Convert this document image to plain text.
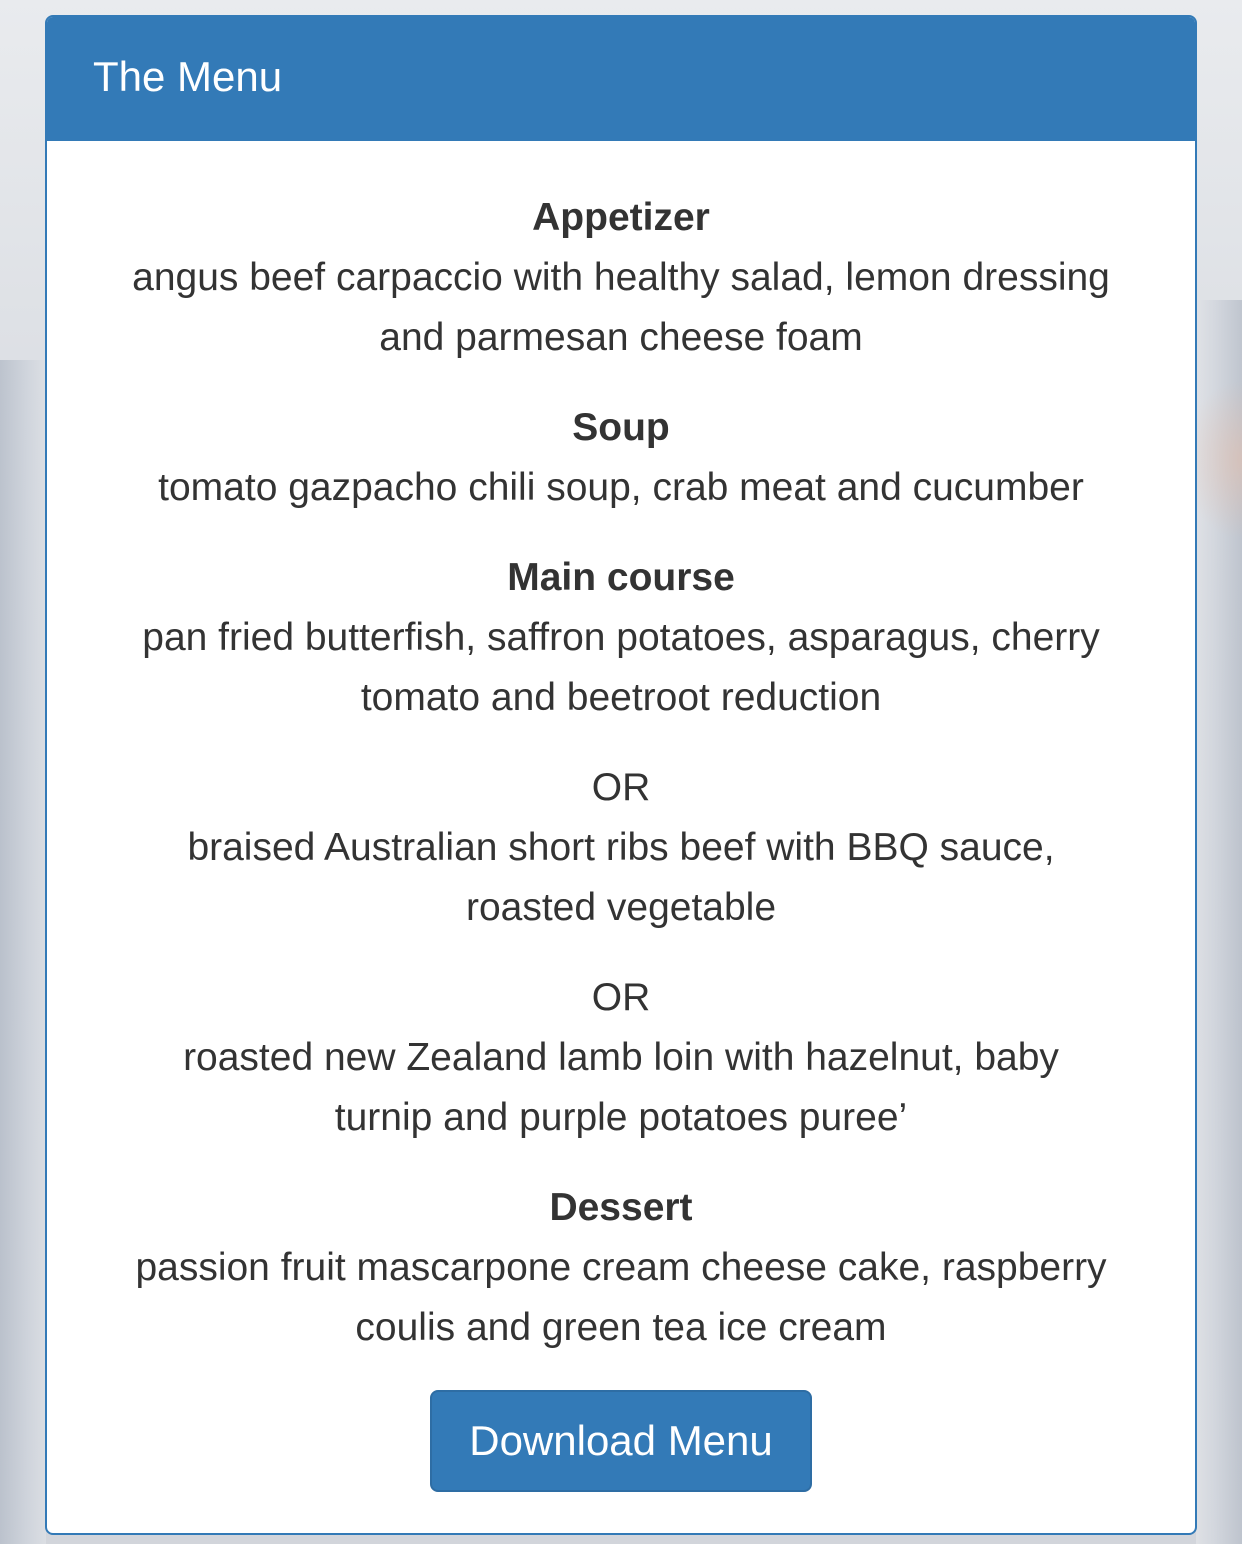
The Menu
Appetizer
angus beef carpaccio with healthy salad, lemon dressing
and parmesan cheese foam
Soup
tomato gazpacho chili soup, crab meat and cucumber
Main course
pan fried butterfish, saffron potatoes, asparagus, cherry
tomato and beetroot reduction
OR
braised Australian short ribs beef with BBQ sauce,
roasted vegetable
OR
roasted new Zealand lamb loin with hazelnut, baby
turnip and purple potatoes puree’
Dessert
passion fruit mascarpone cream cheese cake, raspberry
coulis and green tea ice cream
Download Menu
